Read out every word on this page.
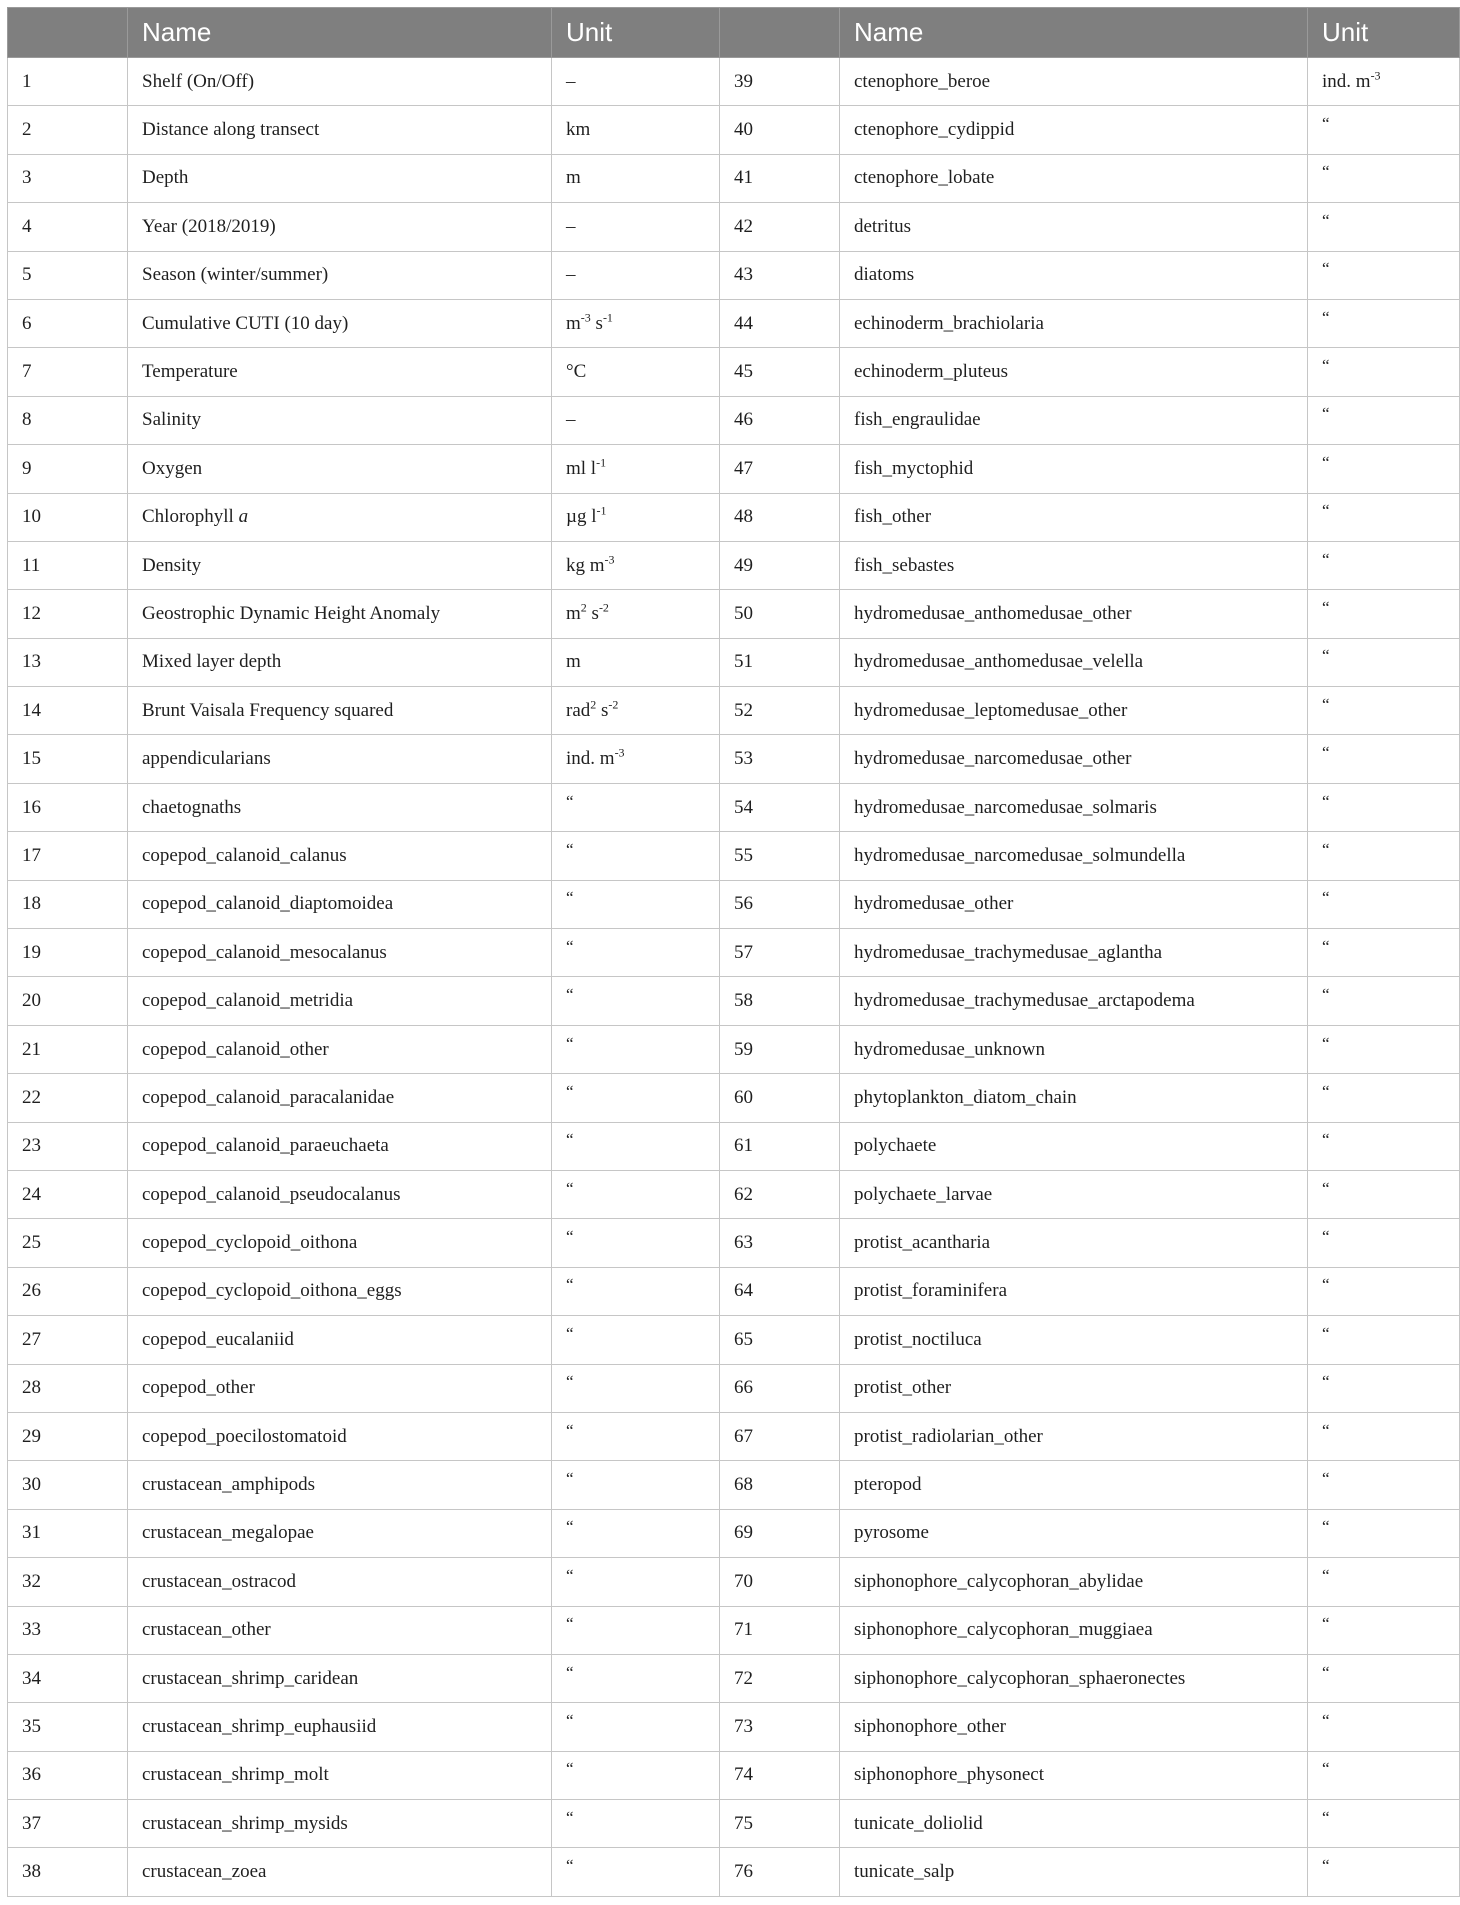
	Name	Unit		Name	Unit
1	Shelf (On/Off)	–	39	ctenophore_beroe	ind. $m^{-3}$
2	Distance along transect	km	40	ctenophore_cydippid	“
3	Depth	m	41	ctenophore_lobate	“
4	Year (2018/2019)	–	42	detritus	“
5	Season (winter/summer)	–	43	diatoms	“
6	Cumulative CUTI (10 day)	$m^{-3}$ $s^{-1}$	44	echinoderm_brachiolaria	“
7	Temperature	°C	45	echinoderm_pluteus	“
8	Salinity	–	46	fish_engraulidae	“
9	Oxygen	ml $l^{-1}$	47	fish_myctophid	“
10	Chlorophyll a	µg $l^{-1}$	48	fish_other	“
11	Density	kg $m^{-3}$	49	fish_sebastes	“
12	Geostrophic Dynamic Height Anomaly	$m^2$ $s^{-2}$	50	hydromedusae_anthomedusae_other	“
13	Mixed layer depth	m	51	hydromedusae_anthomedusae_velella	“
14	Brunt Vaisala Frequency squared	rad$^2$ $s^{-2}$	52	hydromedusae_leptomedusae_other	“
15	appendicularians	ind. $m^{-3}$	53	hydromedusae_narcomedusae_other	“
16	chaetognaths	“	54	hydromedusae_narcomedusae_solmaris	“
17	copepod_calanoid_calanus	“	55	hydromedusae_narcomedusae_solmundella	“
18	copepod_calanoid_diaptomoidea	“	56	hydromedusae_other	“
19	copepod_calanoid_mesocalanus	“	57	hydromedusae_trachymedusae_aglantha	“
20	copepod_calanoid_metridia	“	58	hydromedusae_trachymedusae_arctapodema	“
21	copepod_calanoid_other	“	59	hydromedusae_unknown	“
22	copepod_calanoid_paracalanidae	“	60	phytoplankton_diatom_chain	“
23	copepod_calanoid_paraeuchaeta	“	61	polychaete	“
24	copepod_calanoid_pseudocalanus	“	62	polychaete_larvae	“
25	copepod_cyclopoid_oithona	“	63	protist_acantharia	“
26	copepod_cyclopoid_oithona_eggs	“	64	protist_foraminifera	“
27	copepod_eucalaniid	“	65	protist_noctiluca	“
28	copepod_other	“	66	protist_other	“
29	copepod_poecilostomatoid	“	67	protist_radiolarian_other	“
30	crustacean_amphipods	“	68	pteropod	“
31	crustacean_megalopae	“	69	pyrosome	“
32	crustacean_ostracod	“	70	siphonophore_calycophoran_abylidae	“
33	crustacean_other	“	71	siphonophore_calycophoran_muggiaea	“
34	crustacean_shrimp_caridean	“	72	siphonophore_calycophoran_sphaeronectes	“
35	crustacean_shrimp_euphausiid	“	73	siphonophore_other	“
36	crustacean_shrimp_molt	“	74	siphonophore_physonect	“
37	crustacean_shrimp_mysids	“	75	tunicate_doliolid	“
38	crustacean_zoea	“	76	tunicate_salp	“
